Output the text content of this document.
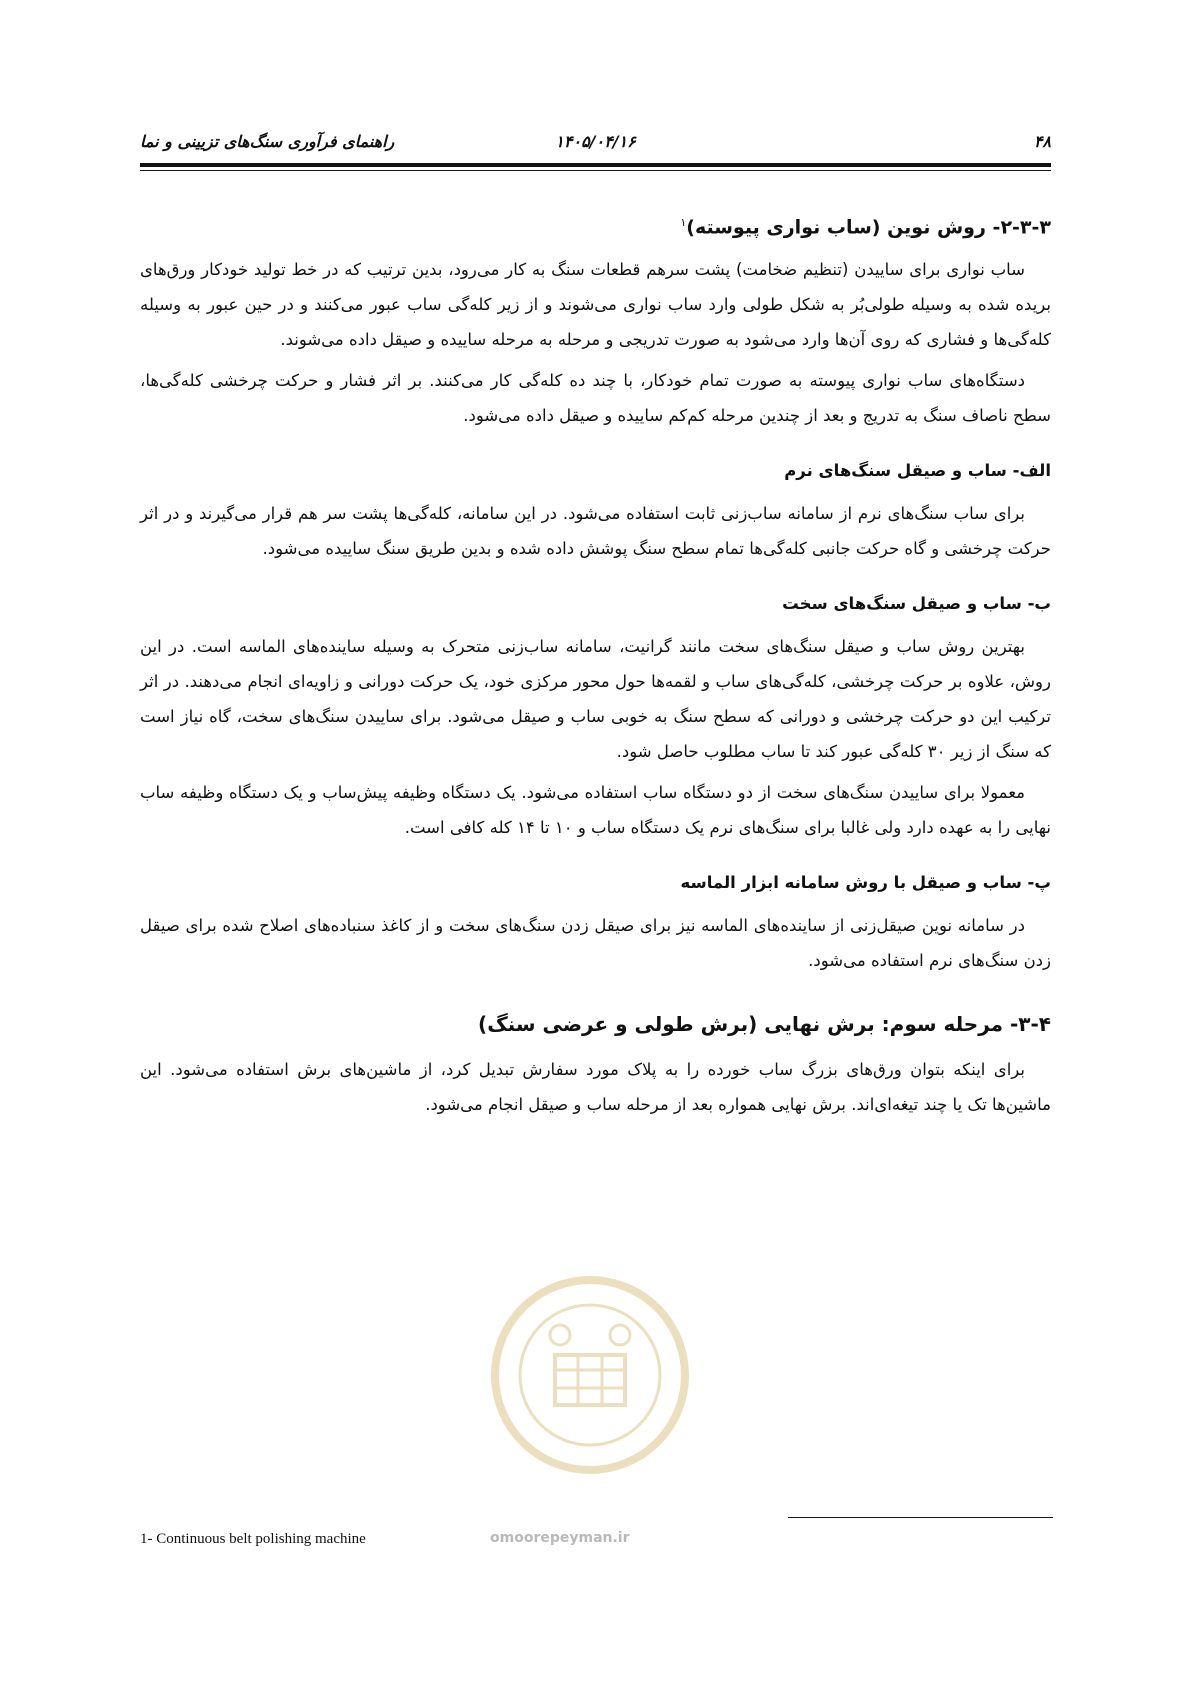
۴۸
۱۴۰۵/۰۴/۱۶
راهنمای فرآوری سنگ‌های تزیینی و نما
۲-۳-۳- روش نوین (ساب نواری پیوسته)$^۱$

ساب نواری برای ساییدن (تنظیم ضخامت) پشت سرهم قطعات سنگ به کار می‌رود، بدین ترتیب که در خط تولید خودکار ورق‌های بریده شده به وسیله طولی‌بُر به شکل طولی وارد ساب نواری می‌شوند و از زیر کله‌گی ساب عبور می‌کنند و در حین عبور به وسیله کله‌گی‌ها و فشاری که روی آن‌ها وارد می‌شود به صورت تدریجی و مرحله به مرحله ساییده و صیقل داده می‌شوند.

دستگاه‌های ساب نواری پیوسته به صورت تمام خودکار، با چند ده کله‌گی کار می‌کنند. بر اثر فشار و حرکت چرخشی کله‌گی‌ها، سطح ناصاف سنگ به تدریج و بعد از چندین مرحله کم‌کم ساییده و صیقل داده می‌شود.

الف- ساب و صیقل سنگ‌های نرم

برای ساب سنگ‌های نرم از سامانه ساب‌زنی ثابت استفاده می‌شود. در این سامانه، کله‌گی‌ها پشت سر هم قرار می‌گیرند و در اثر حرکت چرخشی و گاه حرکت جانبی کله‌گی‌ها تمام سطح سنگ پوشش داده شده و بدین طریق سنگ ساییده می‌شود.

ب- ساب و صیقل سنگ‌های سخت

بهترین روش ساب و صیقل سنگ‌های سخت مانند گرانیت، سامانه ساب‌زنی متحرک به وسیله ساینده‌های الماسه است. در این روش، علاوه بر حرکت چرخشی، کله‌گی‌های ساب و لقمه‌ها حول محور مرکزی خود، یک حرکت دورانی و زاویه‌ای انجام می‌دهند. در اثر ترکیب این دو حرکت چرخشی و دورانی که سطح سنگ به خوبی ساب و صیقل می‌شود. برای ساییدن سنگ‌های سخت، گاه نیاز است که سنگ از زیر ۳۰ کله‌گی عبور کند تا ساب مطلوب حاصل شود.

معمولا برای ساییدن سنگ‌های سخت از دو دستگاه ساب استفاده می‌شود. یک دستگاه وظیفه پیش‌ساب و یک دستگاه وظیفه ساب نهایی را به عهده دارد ولی غالبا برای سنگ‌های نرم یک دستگاه ساب و ۱۰ تا ۱۴ کله کافی است.

پ- ساب و صیقل با روش سامانه ابزار الماسه

در سامانه نوین صیقل‌زنی از ساینده‌های الماسه نیز برای صیقل زدن سنگ‌های سخت و از کاغذ سنباده‌های اصلاح شده برای صیقل زدن سنگ‌های نرم استفاده می‌شود.

۳-۴- مرحله سوم: برش نهایی (برش طولی و عرضی سنگ)

برای اینکه بتوان ورق‌های بزرگ ساب خورده را به پلاک مورد سفارش تبدیل کرد، از ماشین‌های برش استفاده می‌شود. این ماشین‌ها تک یا چند تیغه‌ای‌اند. برش نهایی همواره بعد از مرحله ساب و صیقل انجام می‌شود.

omoorepeyman.ir
1- Continuous belt polishing machine
